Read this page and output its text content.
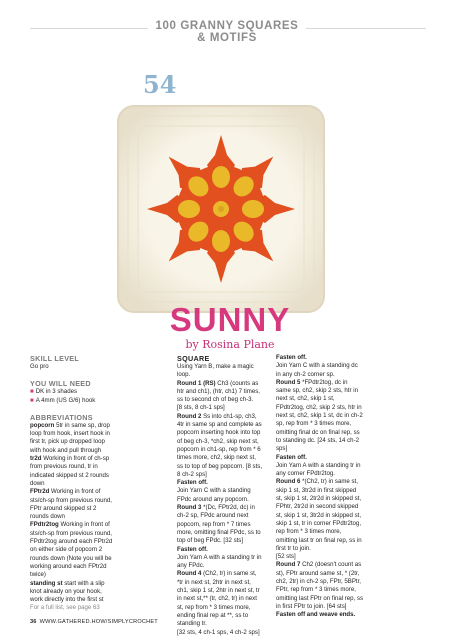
100 GRANNY SQUARES & MOTIFS
54
SUNNY
by Rosina Plane
SKILL LEVEL

Go pro

YOU WILL NEED

■ DK in 3 shades

■ A 4mm (US G/6) hook

ABBREVIATIONS

popcorn 5tr in same sp, drop loop from hook, insert hook in first tr, pick up dropped loop with hook and pull through

tr2d Working in front of ch-sp from previous round, tr in indicated skipped st 2 rounds down

FPtr2d Working in front of sts/ch-sp from previous round, FPtr around skipped st 2 rounds down

FPdtr2tog Working in front of sts/ch-sp from previous round, FPdtr2tog around each FPtr2d on either side of popcorn 2 rounds down (Note you will be working around each FPtr2d twice)

standing st start with a slip knot already on your hook, work directly into the first st

For a full list, see page 63

SQUARE

Using Yarn B, make a magic loop.

Round 1 (RS) Ch3 (counts as htr and ch1), (htr, ch1) 7 times, ss to second ch of beg ch-3.

[8 sts, 8 ch-1 sps]

Round 2 Ss into ch1-sp, ch3, 4tr in same sp and complete as popcorn inserting hook into top of beg ch-3, *ch2, skip next st, popcorn in ch1-sp, rep from * 6 times more, ch2, skip next st, ss to top of beg popcorn. [8 sts, 8 ch-2 sps]

Fasten off.

Join Yarn C with a standing FPdc around any popcorn.

Round 3 *(Dc, FPtr2d, dc) in ch-2 sp, FPdc around next popcorn, rep from * 7 times more, omitting final FPdc, ss to top of beg FPdc. [32 sts]

Fasten off.

Join Yarn A with a standing tr in any FPdc.

Round 4 (Ch2, tr) in same st, *tr in next st, 2htr in next st, ch1, skip 1 st, 2htr in next st, tr in next st,** (tr, ch2, tr) in next st, rep from * 3 times more, ending final rep at **, ss to standing tr.

[32 sts, 4 ch-1 sps, 4 ch-2 sps]

Fasten off.

Join Yarn C with a standing dc in any ch-2 corner sp.

Round 5 *FPdtr2tog, dc in same sp, ch2, skip 2 sts, htr in next st, ch2, skip 1 st, FPdtr2tog, ch2, skip 2 sts, htr in next st, ch2, skip 1 st, dc in ch-2 sp, rep from * 3 times more, omitting final dc on final rep, ss to standing dc. [24 sts, 14 ch-2 sps]

Fasten off.

Join Yarn A with a standing tr in any corner FPdtr2tog.

Round 6 *(Ch2, tr) in same st, skip 1 st, 3tr2d in first skipped st, skip 1 st, 2tr2d in skipped st, FPhtr, 2tr2d in second skipped st, skip 1 st, 3tr2d in skipped st, skip 1 st, tr in corner FPdtr2tog, rep from * 3 times more, omitting last tr on final rep, ss in first tr to join.

[52 sts]

Round 7 Ch2 (doesn't count as st), FPtr around same st, * (2tr, ch2, 2tr) in ch-2 sp, FPtr, 5BPtr, FPtr, rep from * 3 times more, omitting last FPtr on final rep, ss in first FPtr to join. [64 sts]

Fasten off and weave ends.

36 WWW.GATHERED.HOW/SIMPLYCROCHET
